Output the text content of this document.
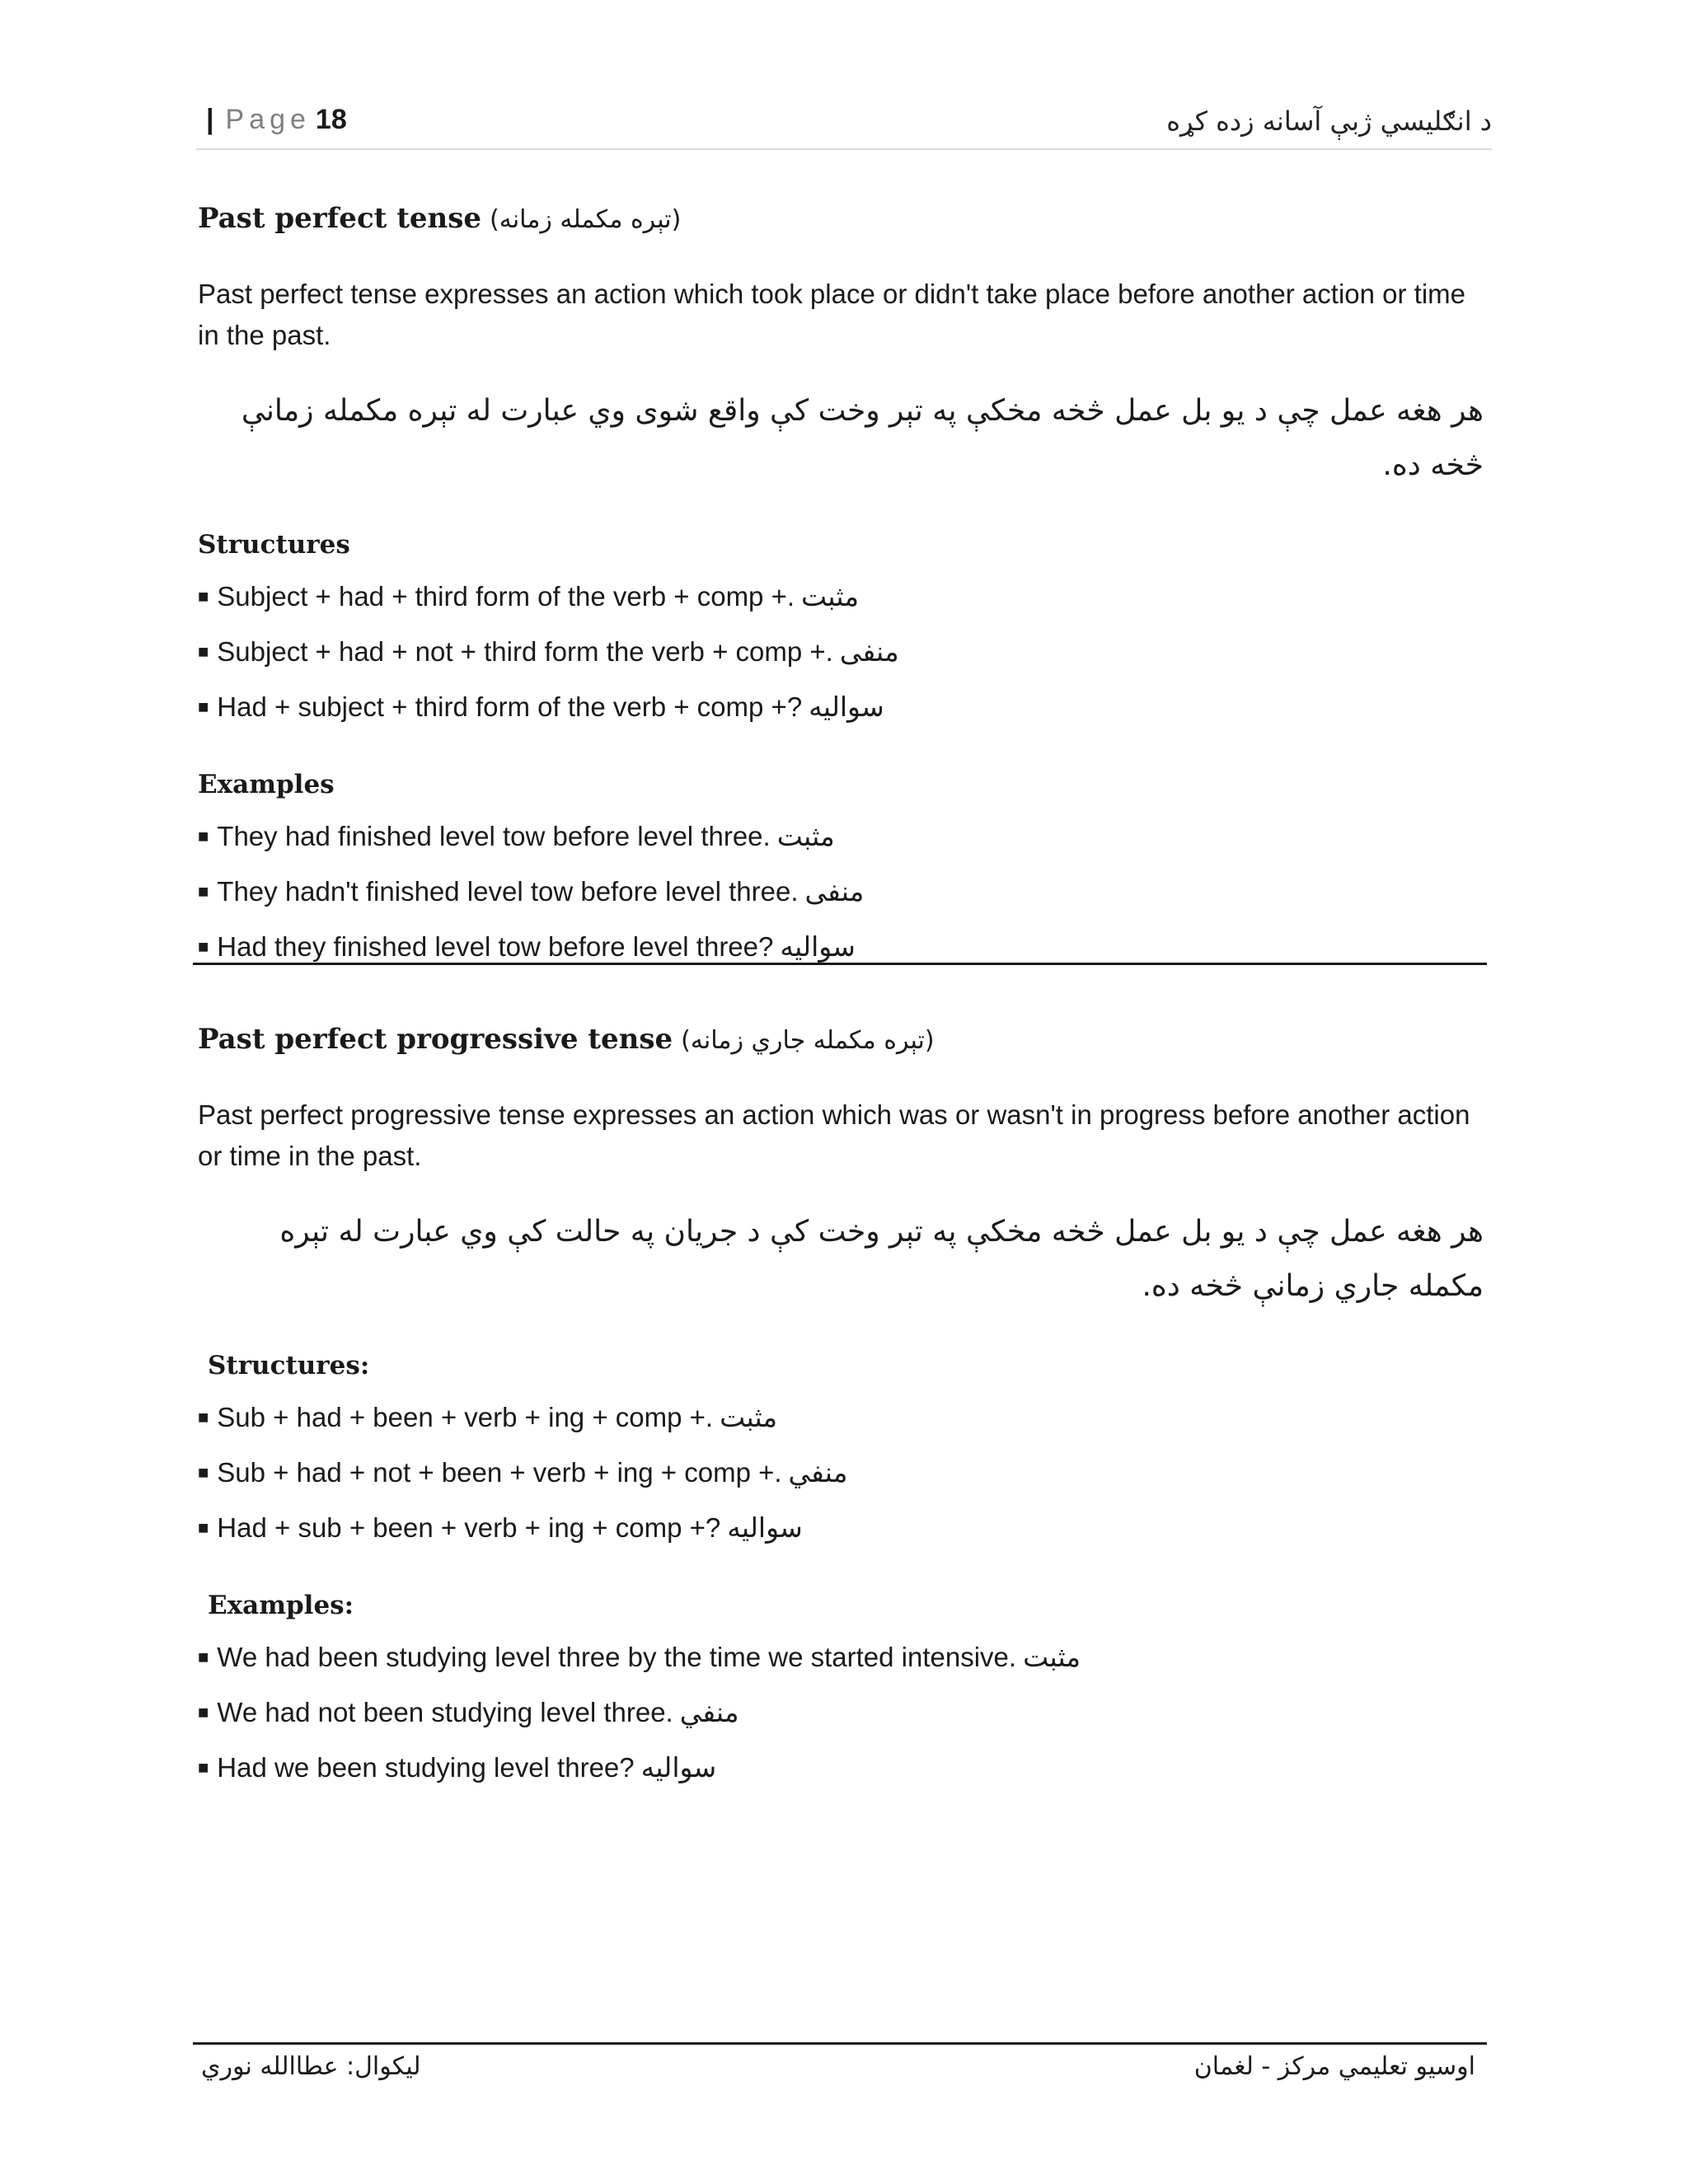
| Page 18	د انګلیسي ژبې آسانه زده کړه
Past perfect tense (تېره مکمله زمانه)

Past perfect tense expresses an action which took place or didn't take place before another action or time in the past.

هر هغه عمل چې د يو بل عمل څخه مخکې په تېر وخت کې واقع شوی وي عبارت له تېره مکمله زمانې څخه ده.

Structures
■ Subject + had + third form of the verb + comp +. مثبت
■ Subject + had + not + third form the verb + comp +. منفی
■ Had + subject + third form of the verb + comp +? سواليه
Examples
■ They had finished level tow before level three. مثبت
■ They hadn't finished level tow before level three. منفی
■ Had they finished level tow before level three? سواليه
Past perfect progressive tense (تېره مکمله جاري زمانه)

Past perfect progressive tense expresses an action which was or wasn't in progress before another action or time in the past.

هر هغه عمل چې د يو بل عمل څخه مخکې په تېر وخت کې د جريان په حالت کې وي عبارت له تېره مکمله جاري زمانې څخه ده.

Structures:
■ Sub + had + been + verb + ing + comp +. مثبت
■ Sub + had + not + been + verb + ing + comp +. منفي
■ Had + sub + been + verb + ing + comp +? سواليه
Examples:
■ We had been studying level three by the time we started intensive. مثبت
■ We had not been studying level three. منفي
■ Had we been studying level three? سواليه
ليکوال: عطاالله نوري	اوسيو تعليمي مرکز - لغمان
